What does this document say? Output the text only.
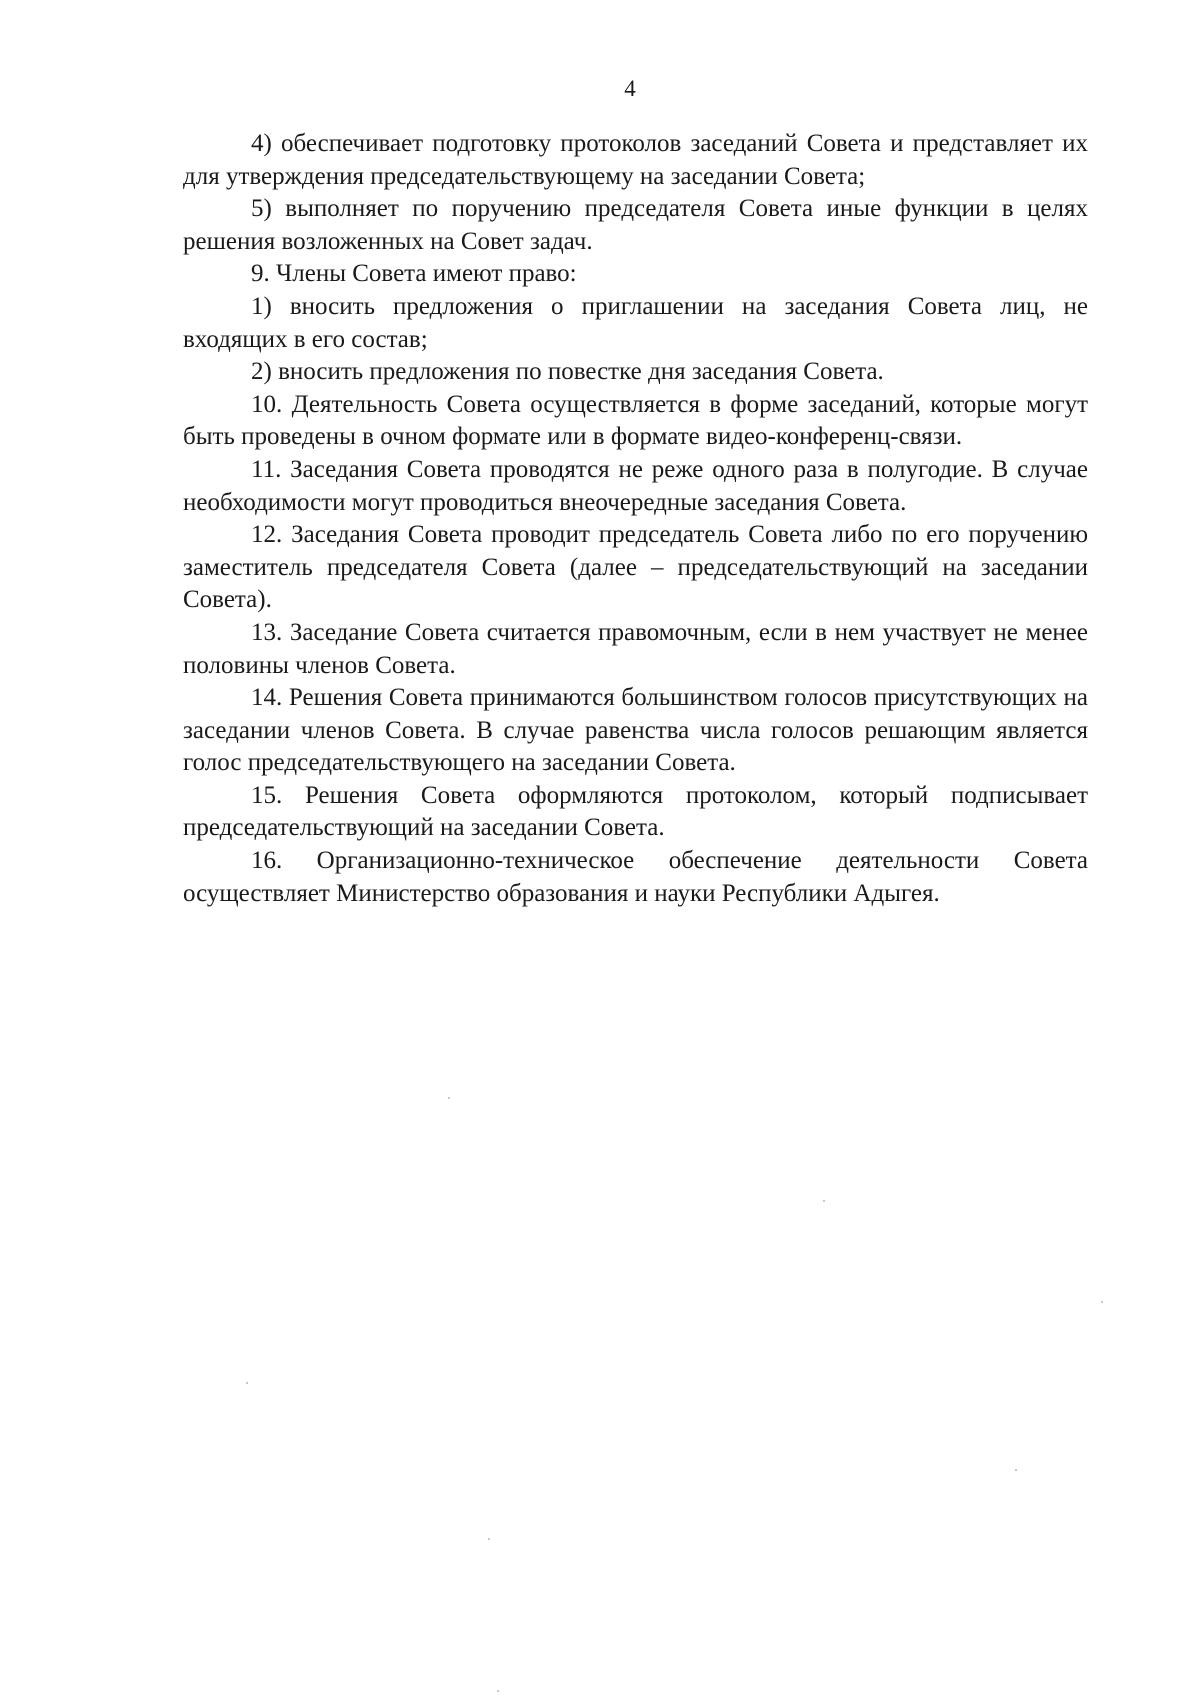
4

4) обеспечивает подготовку протоколов заседаний Совета и представляет их для утверждения председательствующему на заседании Совета;

5) выполняет по поручению председателя Совета иные функции в целях решения возложенных на Совет задач.

9. Члены Совета имеют право:

1) вносить предложения о приглашении на заседания Совета лиц, не входящих в его состав;

2) вносить предложения по повестке дня заседания Совета.

10. Деятельность Совета осуществляется в форме заседаний, которые могут быть проведены в очном формате или в формате видео-конференц-связи.

11. Заседания Совета проводятся не реже одного раза в полугодие. В случае необходимости могут проводиться внеочередные заседания Совета.

12. Заседания Совета проводит председатель Совета либо по его поручению заместитель председателя Совета (далее – председательствующий на заседании Совета).

13. Заседание Совета считается правомочным, если в нем участвует не менее половины членов Совета.

14. Решения Совета принимаются большинством голосов присутствующих на заседании членов Совета. В случае равенства числа голосов решающим является голос председательствующего на заседании Совета.

15. Решения Совета оформляются протоколом, который подписывает председательствующий на заседании Совета.

16. Организационно-техническое обеспечение деятельности Совета осуществляет Министерство образования и науки Республики Адыгея.
